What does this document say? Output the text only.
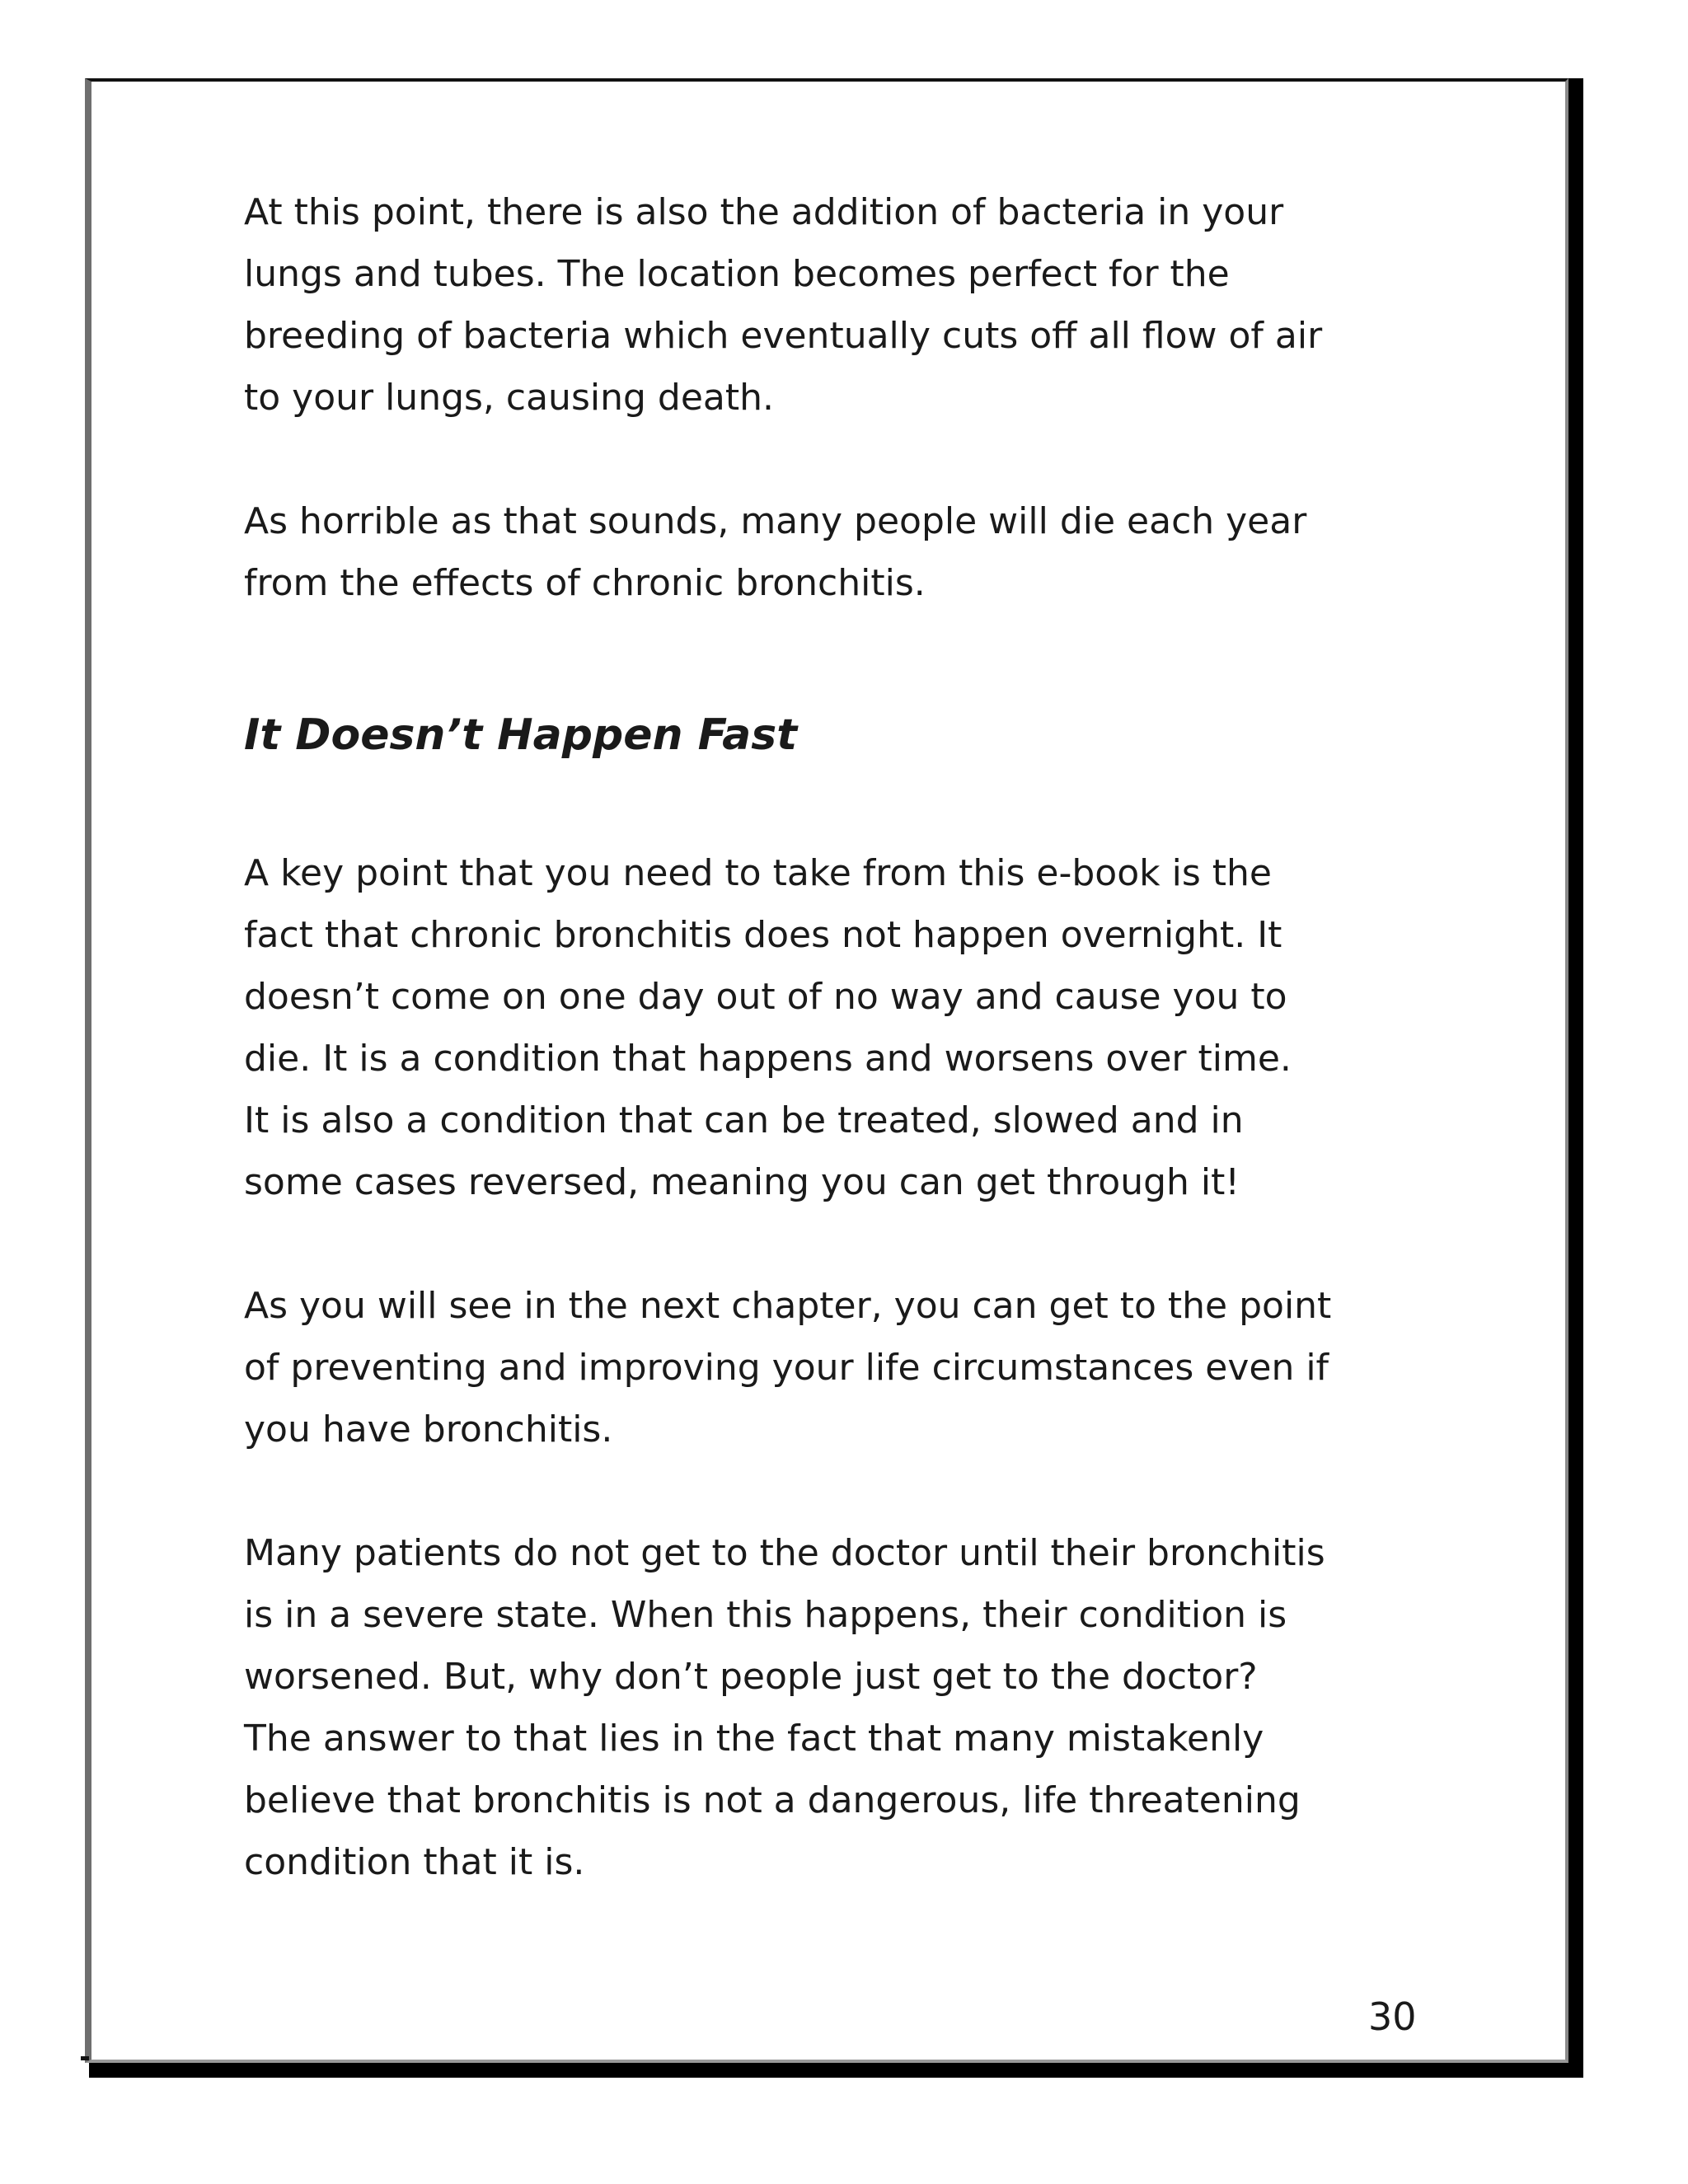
At this point, there is also the addition of bacteria in your
lungs and tubes. The location becomes perfect for the
breeding of bacteria which eventually cuts off all flow of air
to your lungs, causing death.

As horrible as that sounds, many people will die each year
from the effects of chronic bronchitis.

It Doesn’t Happen Fast

A key point that you need to take from this e-book is the
fact that chronic bronchitis does not happen overnight. It
doesn’t come on one day out of no way and cause you to
die. It is a condition that happens and worsens over time.
It is also a condition that can be treated, slowed and in
some cases reversed, meaning you can get through it!

As you will see in the next chapter, you can get to the point
of preventing and improving your life circumstances even if
you have bronchitis.

Many patients do not get to the doctor until their bronchitis
is in a severe state. When this happens, their condition is
worsened. But, why don’t people just get to the doctor?
The answer to that lies in the fact that many mistakenly
believe that bronchitis is not a dangerous, life threatening
condition that it is.

30
